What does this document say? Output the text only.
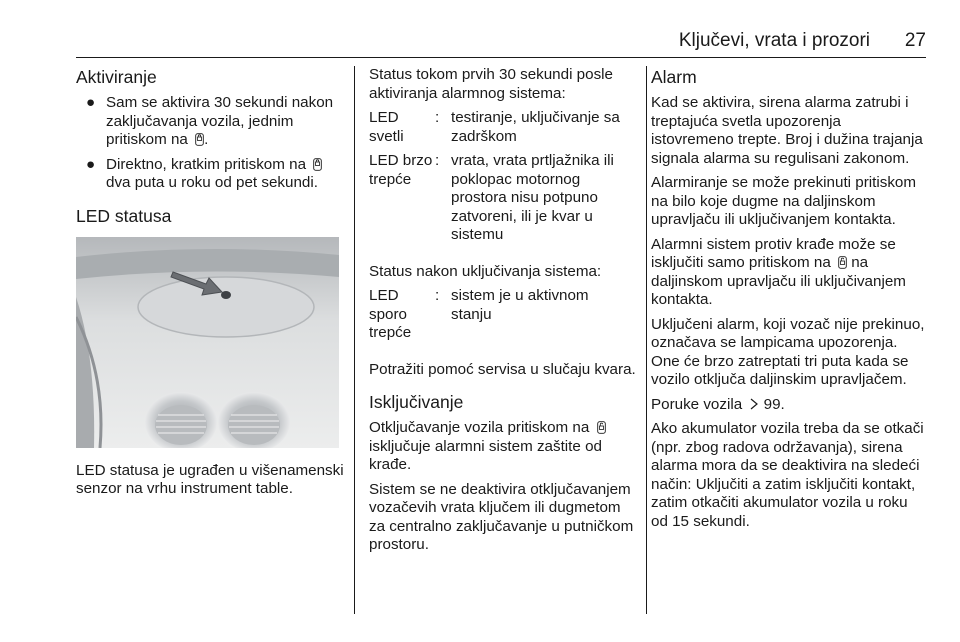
Ključevi, vrata i prozori 27
Aktiviranje
● Sam se aktivira 30 sekundi nakon zaključavanja vozila, jednim pritiskom na .
● Direktno, kratkim pritiskom na  dva puta u roku od pet sekundi.
LED statusa

LED statusa je ugrađen u višenamenski senzor na vrhu instrument table.

Status tokom prvih 30 sekundi posle aktiviranja alarmnog sistema:

LED svetli	:	testiranje, uključivanje sa zadrškom
LED brzo trepće	:	vrata, vrata prtljažnika ili poklopac motornog prostora nisu potpuno zatvoreni, ili je kvar u sistemu

Status nakon uključivanja sistema:

LED sporo trepće	:	sistem je u aktivnom stanju

Potražiti pomoć servisa u slučaju kvara.

Isključivanje

Otključavanje vozila pritiskom na  isključuje alarmni sistem zaštite od krađe.

Sistem se ne deaktivira otključavanjem vozačevih vrata ključem ili dugmetom za centralno zaključavanje u putničkom prostoru.

Alarm

Kad se aktivira, sirena alarma zatrubi i treptajuća svetla upozorenja istovremeno trepte. Broj i dužina trajanja signala alarma su regulisani zakonom.

Alarmiranje se može prekinuti pritiskom na bilo koje dugme na daljinskom upravljaču ili uključivanjem kontakta.

Alarmni sistem protiv krađe može se isključiti samo pritiskom na  na daljinskom upravljaču ili uključivanjem kontakta.

Uključeni alarm, koji vozač nije prekinuo, označava se lampicama upozorenja. One će brzo zatreptati tri puta kada se vozilo otključa daljinskim upravljačem.

Poruke vozila  99.

Ako akumulator vozila treba da se otkači (npr. zbog radova održavanja), sirena alarma mora da se deaktivira na sledeći način: Uključiti a zatim isključiti kontakt, zatim otkačiti akumulator vozila u roku od 15 sekundi.
